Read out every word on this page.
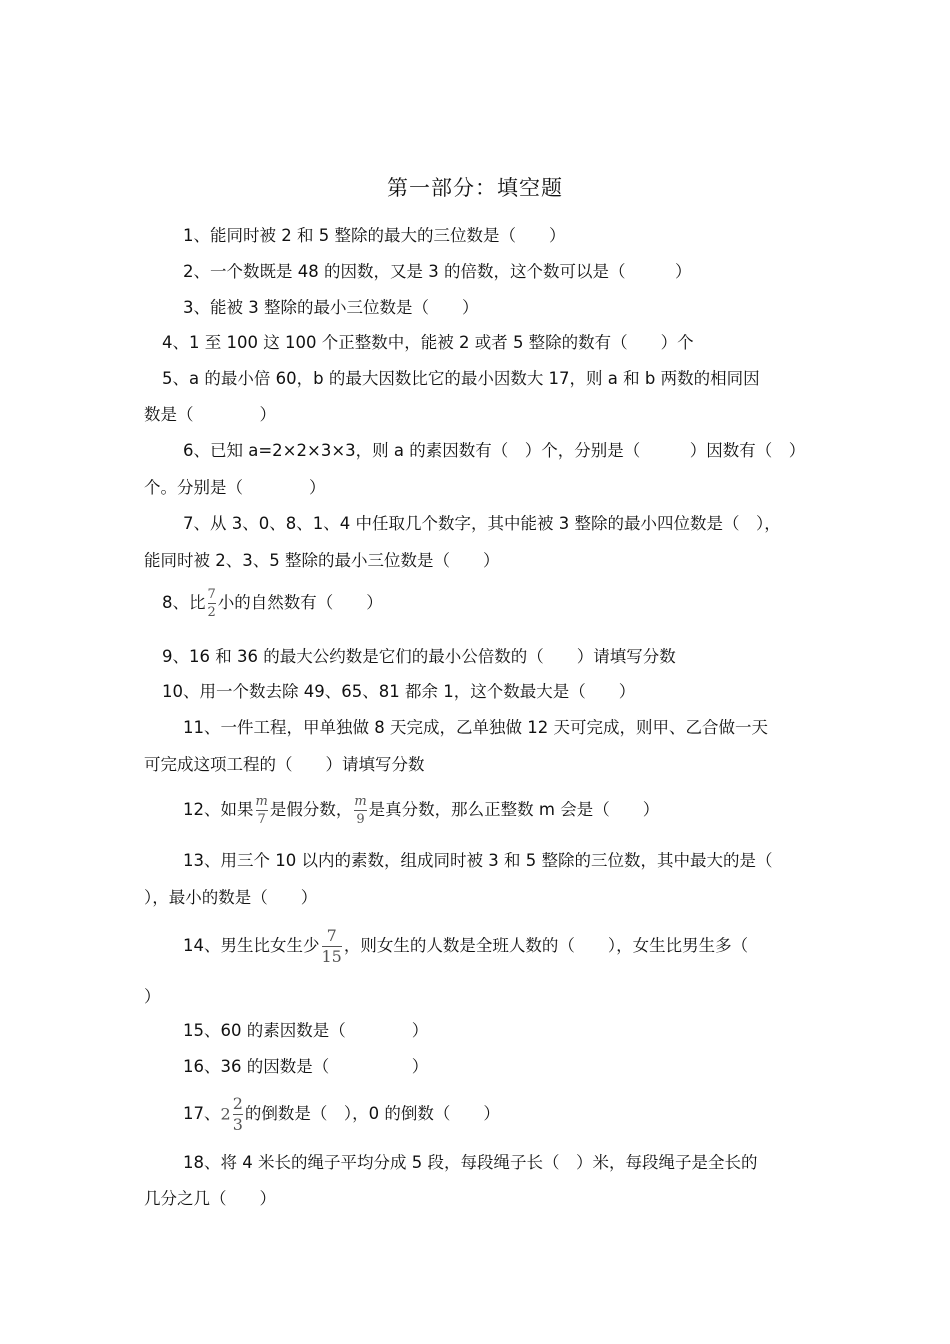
第一部分：填空题
1、能同时被 2 和 5 整除的最大的三位数是（　　）
2、一个数既是 48 的因数，又是 3 的倍数，这个数可以是（　　　）
3、能被 3 整除的最小三位数是（　　）
4、1 至 100 这 100 个正整数中，能被 2 或者 5 整除的数有（　　）个
5、a 的最小倍 60，b 的最大因数比它的最小因数大 17，则 a 和 b 两数的相同因
数是（　　　　）
6、已知 a=2×2×3×3，则 a 的素因数有（　）个，分别是（　　　）因数有（　）
个。分别是（　　　　）
7、从 3、0、8、1、4 中任取几个数字，其中能被 3 整除的最小四位数是（　），
能同时被 2、3、5 整除的最小三位数是（　　）
8、比 $\frac{7}{2}$ 小的自然数有（　　）
9、16 和 36 的最大公约数是它们的最小公倍数的（　　）请填写分数
10、用一个数去除 49、65、81 都余 1，这个数最大是（　　）
11、一件工程，甲单独做 8 天完成，乙单独做 12 天可完成，则甲、乙合做一天
可完成这项工程的（　　）请填写分数
12、如果 $\frac{m}{7}$ 是假分数， $\frac{m}{9}$ 是真分数，那么正整数 m 会是（　　）
13、用三个 10 以内的素数，组成同时被 3 和 5 整除的三位数，其中最大的是（
），最小的数是（　　）
14、男生比女生少 $\frac{7}{15}$ ，则女生的人数是全班人数的（　　），女生比男生多（
）
15、60 的素因数是（　　　　）
16、36 的因数是（　　　　　）
17、$2 \frac{2}{3}$ 的倒数是（　），0 的倒数（　　）
18、将 4 米长的绳子平均分成 5 段，每段绳子长（　）米，每段绳子是全长的
几分之几（　　）
